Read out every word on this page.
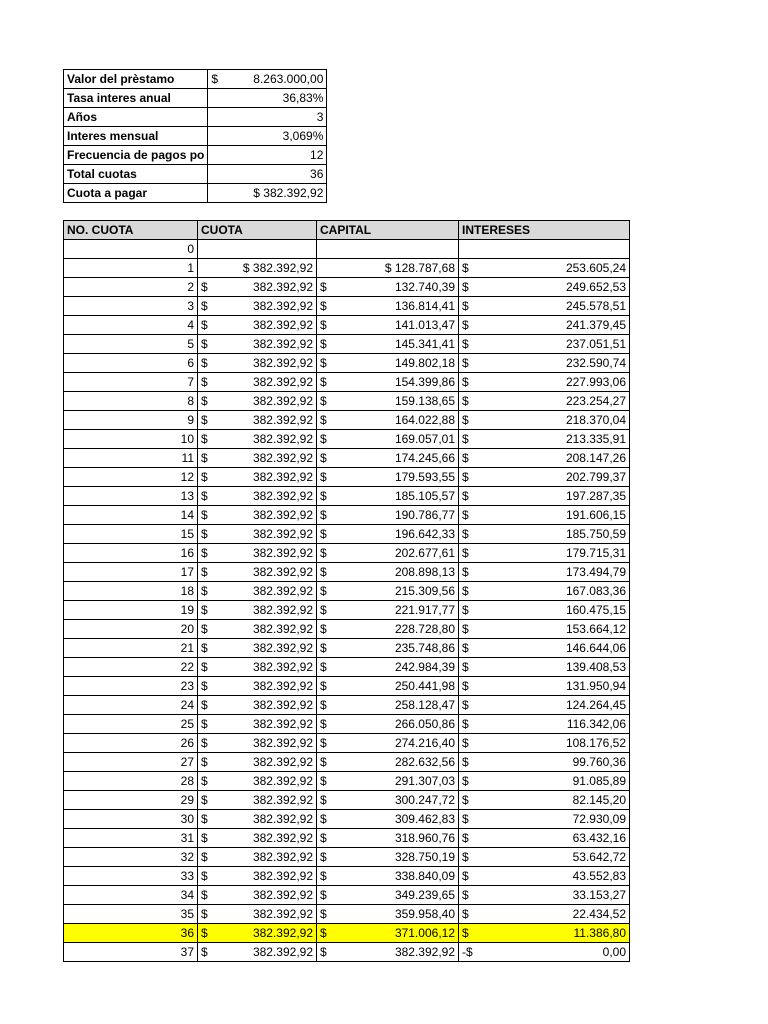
Valor del prèstamo	$ 8.263.000,00

Tasa interes anual	36,83%

Años	3

Interes mensual	3,069%

Frecuencia de pagos po	12

Total cuotas	36

Cuota a pagar	$ 382.392,92
NO. CUOTA	CUOTA	CAPITAL	INTERESES
0	

1	$ 382.392,92	$ 128.787,68	$ 253.605,24

2	$ 382.392,92	$ 132.740,39	$ 249.652,53

3	$ 382.392,92	$ 136.814,41	$ 245.578,51

4	$ 382.392,92	$ 141.013,47	$ 241.379,45

5	$ 382.392,92	$ 145.341,41	$ 237.051,51

6	$ 382.392,92	$ 149.802,18	$ 232.590,74

7	$ 382.392,92	$ 154.399,86	$ 227.993,06

8	$ 382.392,92	$ 159.138,65	$ 223.254,27

9	$ 382.392,92	$ 164.022,88	$ 218.370,04

10	$ 382.392,92	$ 169.057,01	$ 213.335,91

11	$ 382.392,92	$ 174.245,66	$ 208.147,26

12	$ 382.392,92	$ 179.593,55	$ 202.799,37

13	$ 382.392,92	$ 185.105,57	$ 197.287,35

14	$ 382.392,92	$ 190.786,77	$ 191.606,15

15	$ 382.392,92	$ 196.642,33	$ 185.750,59

16	$ 382.392,92	$ 202.677,61	$ 179.715,31

17	$ 382.392,92	$ 208.898,13	$ 173.494,79

18	$ 382.392,92	$ 215.309,56	$ 167.083,36

19	$ 382.392,92	$ 221.917,77	$ 160.475,15

20	$ 382.392,92	$ 228.728,80	$ 153.664,12

21	$ 382.392,92	$ 235.748,86	$ 146.644,06

22	$ 382.392,92	$ 242.984,39	$ 139.408,53

23	$ 382.392,92	$ 250.441,98	$ 131.950,94

24	$ 382.392,92	$ 258.128,47	$ 124.264,45

25	$ 382.392,92	$ 266.050,86	$ 116.342,06

26	$ 382.392,92	$ 274.216,40	$ 108.176,52

27	$ 382.392,92	$ 282.632,56	$ 99.760,36

28	$ 382.392,92	$ 291.307,03	$ 91.085,89

29	$ 382.392,92	$ 300.247,72	$ 82.145,20

30	$ 382.392,92	$ 309.462,83	$ 72.930,09

31	$ 382.392,92	$ 318.960,76	$ 63.432,16

32	$ 382.392,92	$ 328.750,19	$ 53.642,72

33	$ 382.392,92	$ 338.840,09	$ 43.552,83

34	$ 382.392,92	$ 349.239,65	$ 33.153,27

35	$ 382.392,92	$ 359.958,40	$ 22.434,52

36	$ 382.392,92	$ 371.006,12	$ 11.386,80

37	$ 382.392,92	$ 382.392,92	-$ 0,00
